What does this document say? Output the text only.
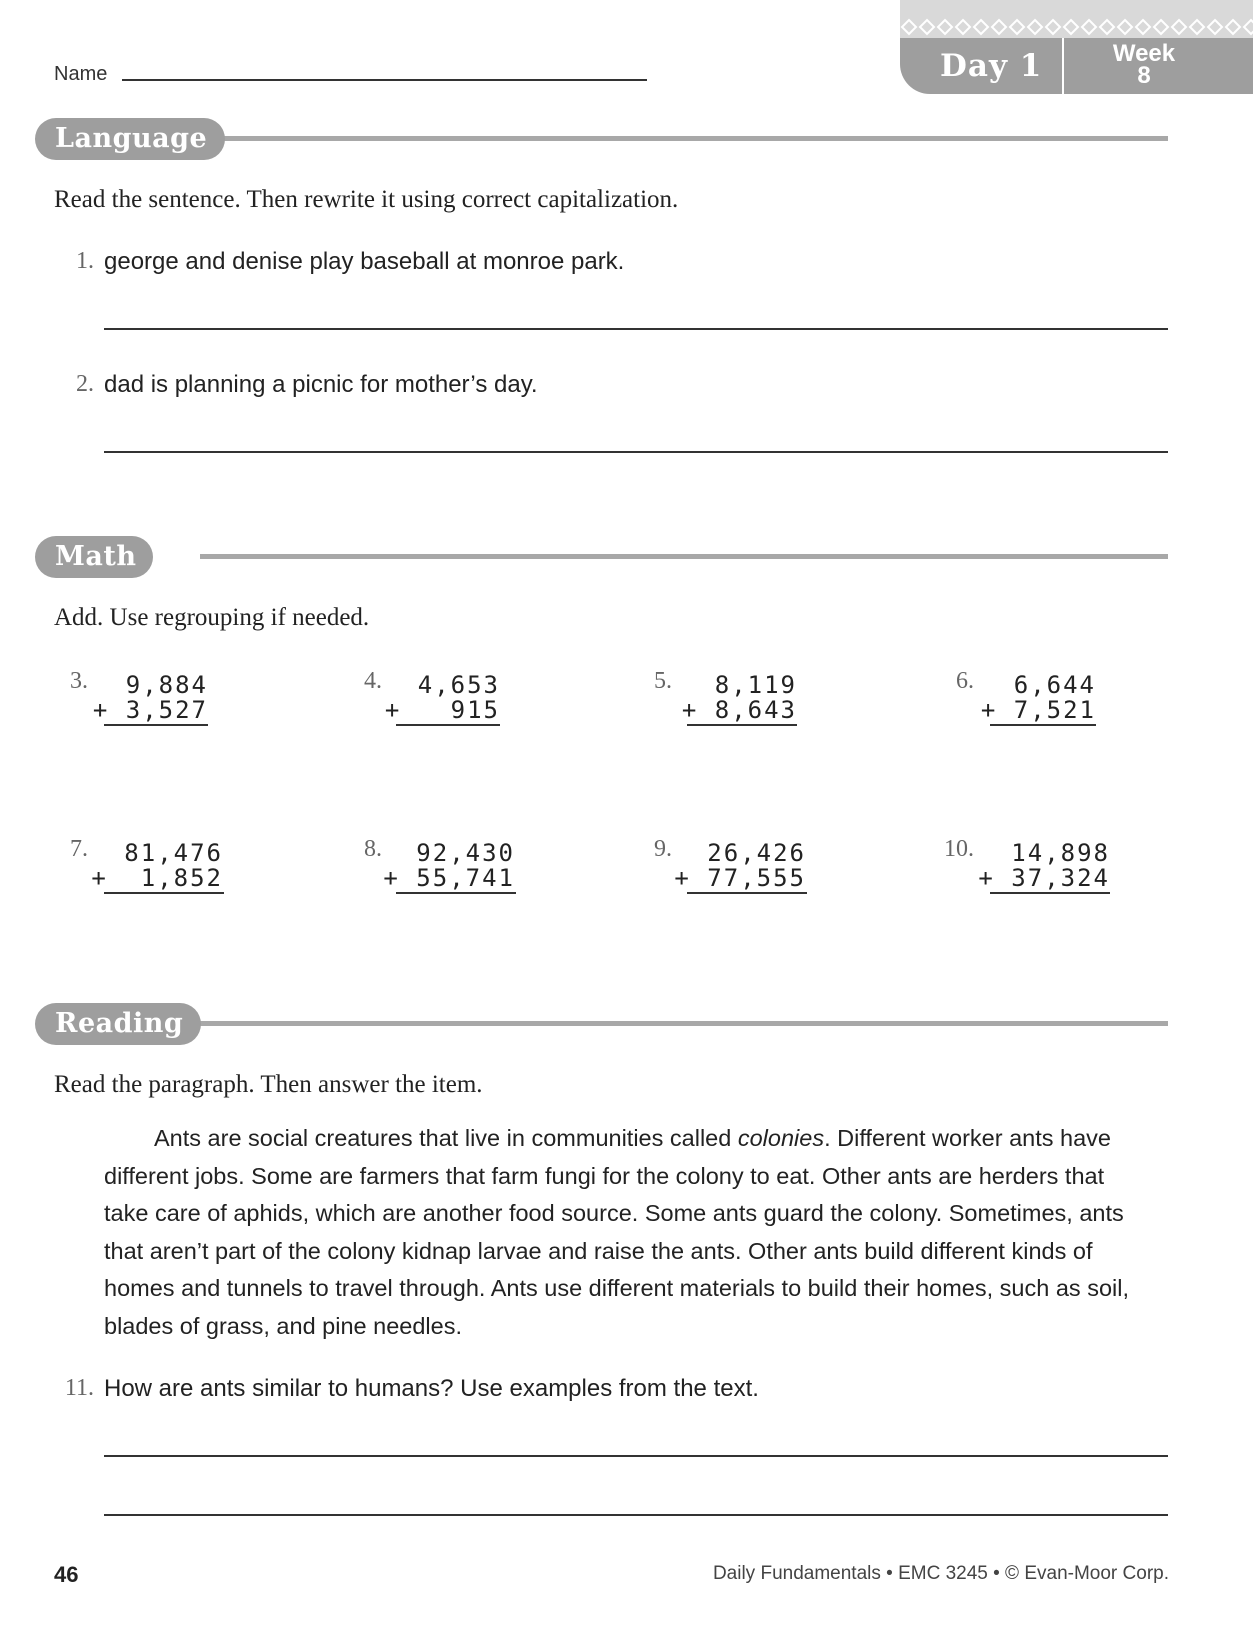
Day 1	Week
8
Name
Language
Read the sentence. Then rewrite it using correct capitalization.
1. george and denise play baseball at monroe park.
2. dad is planning a picnic for mother’s day.
Math
Add. Use regrouping if needed.
3. 9,884
+ 3,527
4. 4,653
+   915
5. 8,119
+ 8,643
6. 6,644
+ 7,521
7. 81,476
+  1,852
8. 92,430
+ 55,741
9. 26,426
+ 77,555
10. 14,898
+ 37,324
Reading
Read the paragraph. Then answer the item.
Ants are social creatures that live in communities called colonies. Different worker ants have different jobs. Some are farmers that farm fungi for the colony to eat. Other ants are herders that take care of aphids, which are another food source. Some ants guard the colony. Sometimes, ants that aren’t part of the colony kidnap larvae and raise the ants. Other ants build different kinds of homes and tunnels to travel through. Ants use different materials to build their homes, such as soil, blades of grass, and pine needles.
11. How are ants similar to humans? Use examples from the text.
46	Daily Fundamentals • EMC 3245 • © Evan-Moor Corp.
